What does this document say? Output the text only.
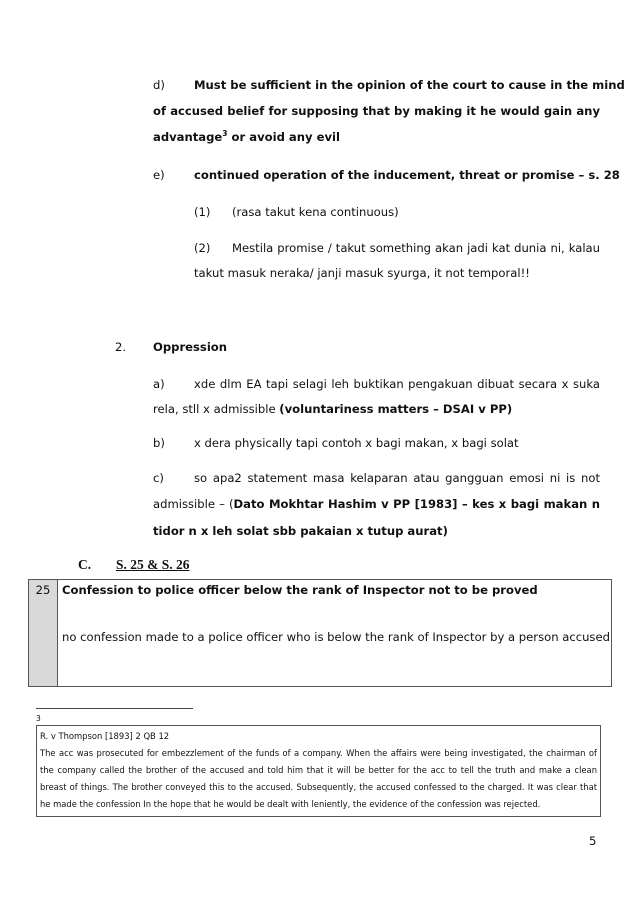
d)	Must be sufficient in the opinion of the court to cause in the mind
of accused belief for supposing that by making it he would gain any
advantage$^3$ or avoid any evil
e)	continued operation of the inducement, threat or promise – s. 28
(1) (rasa takut kena continuous)
(2) Mestila promise / takut something akan jadi kat dunia ni, kalau
takut masuk neraka/ janji masuk syurga, it not temporal!!
2. Oppression
a)	xde dlm EA tapi selagi leh buktikan pengakuan dibuat secara x suka
rela, stll x admissible (voluntariness matters – DSAI v PP)
b)	x dera physically tapi contoh x bagi makan, x bagi solat
c)	so apa2 statement masa kelaparan atau gangguan emosi ni is not
admissible – (Dato Mokhtar Hashim v PP [1983] – kes x bagi makan n
tidor n x leh solat sbb pakaian x tutup aurat)
C. S. 25 & S. 26
25	Confession to police officer below the rank of Inspector not to be proved

no confession made to a police officer who is below the rank of Inspector by a person accused
3
R. v Thompson [1893] 2 QB 12
The acc was prosecuted for embezzlement of the funds of a company. When the affairs were being investigated, the chairman of the company called the brother of the accused and told him that it will be better for the acc to tell the truth and make a clean breast of things. The brother conveyed this to the accused. Subsequently, the accused confessed to the charged. It was clear that he made the confession In the hope that he would be dealt with leniently, the evidence of the confession was rejected.
5
